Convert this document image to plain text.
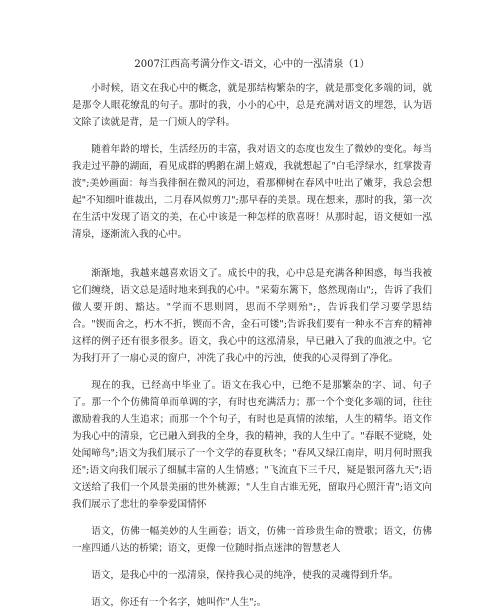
2007江西高考满分作文-语文，心中的一泓清泉（1）

小时候，语文在我心中的概念，就是那结构繁杂的字，就是那变化多端的词，就是那令人眼花缭乱的句子。那时的我，小小的心中，总是充满对语文的埋怨，认为语文除了读就是背，是一门烦人的学科。

随着年龄的增长，生活经历的丰富，我对语文的态度也发生了微妙的变化。每当我走过平静的湖面，看见成群的鸭鹅在湖上嬉戏，我就想起了"白毛浮绿水，红掌拨青波";美妙画面：每当我徘徊在微风的河边，看那柳树在春风中吐出了嫩芽，我总会想起"不知细叶谁裁出，二月春风似剪刀";那早春的美景。现在想来，那时的我，第一次在生活中发现了语文的美，在心中该是一种怎样的欣喜呀！从那时起，语文便如一泓清泉，逐渐流入我的心中。

渐渐地，我越来越喜欢语文了。成长中的我，心中总是充满各种困惑，每当我被它们缠绕，语文总是适时地来到我的心中。"采菊东篱下，悠然现南山";，告诉了我们做人要开朗、豁达。"学而不思则罔，思而不学则殆";，告诉我们学习要学思结合。"锲而舍之，朽木不折，锲而不舍，金石可镂";告诉我们要有一种永不言弃的精神这样的例子还有很多很多。语文，我心中的这泓清泉，早已融入了我的血液之中。它为我打开了一扇心灵的窗户，冲洗了我心中的污浊，使我的心灵得到了净化。

现在的我，已经高中毕业了。语文在我心中，已绝不是那繁杂的字、词、句子了。那一个个仿佛简单而单调的字，有时也充满活力；那一个个变化多端的词，往往激励着我的人生追求；而那一个个句子，有时也是真情的浓缩，人生的精华。语文作为我心中的清泉，它已融入到我的全身，我的精神，我的人生中了。"春眠不觉晓，处处闻啼鸟";语文为我们展示了一个文学的春夏秋冬；"春风又绿江南岸，明月何时照我还";语文向我们展示了细腻丰富的人生情感；"飞流直下三千尺，疑是银河落九天";语文送给了我们一个风景美丽的世外桃源；"人生自古谁无死，留取丹心照汗青";语文向我们展示了悲壮的拳拳爱国情怀

语文，仿佛一幅美妙的人生画卷；语文，仿佛一首珍贵生命的赞歌；语文，仿佛一座四通八达的桥梁；语文，更像一位随时指点迷津的智慧老人

语文，是我心中的一泓清泉，保持我心灵的纯净，使我的灵魂得到升华。

语文，你还有一个名字，她叫作"人生";。
